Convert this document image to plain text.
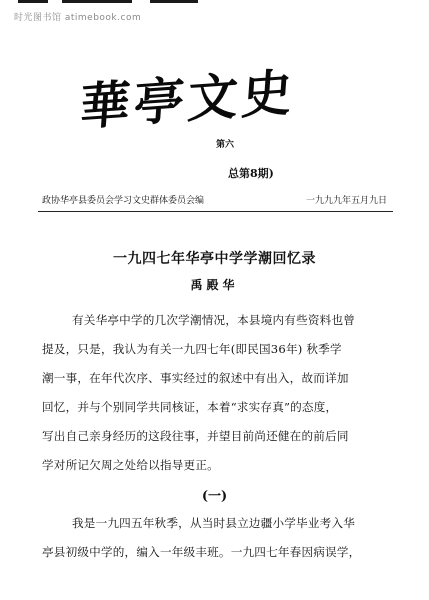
时光图书馆 atimebook.com
華亭文史
第六
总第8期)
政协华亭县委员会学习文史群体委员会编	一九九九年五月九日
一九四七年华亭中学学潮回忆录
禹殿华
有关华亭中学的几次学潮情况，本县境内有些资料也曾
提及，只是，我认为有关一九四七年(即民国36年) 秋季学
潮一事，在年代次序、事实经过的叙述中有出入，故而详加
回忆，并与个别同学共同核证，本着“求实存真”的态度，
写出自己亲身经历的这段往事，并望目前尚还健在的前后同
学对所记欠周之处给以指导更正。
(一)
我是一九四五年秋季，从当时县立边疆小学毕业考入华
亭县初级中学的，编入一年级丰班。一九四七年春因病误学，
